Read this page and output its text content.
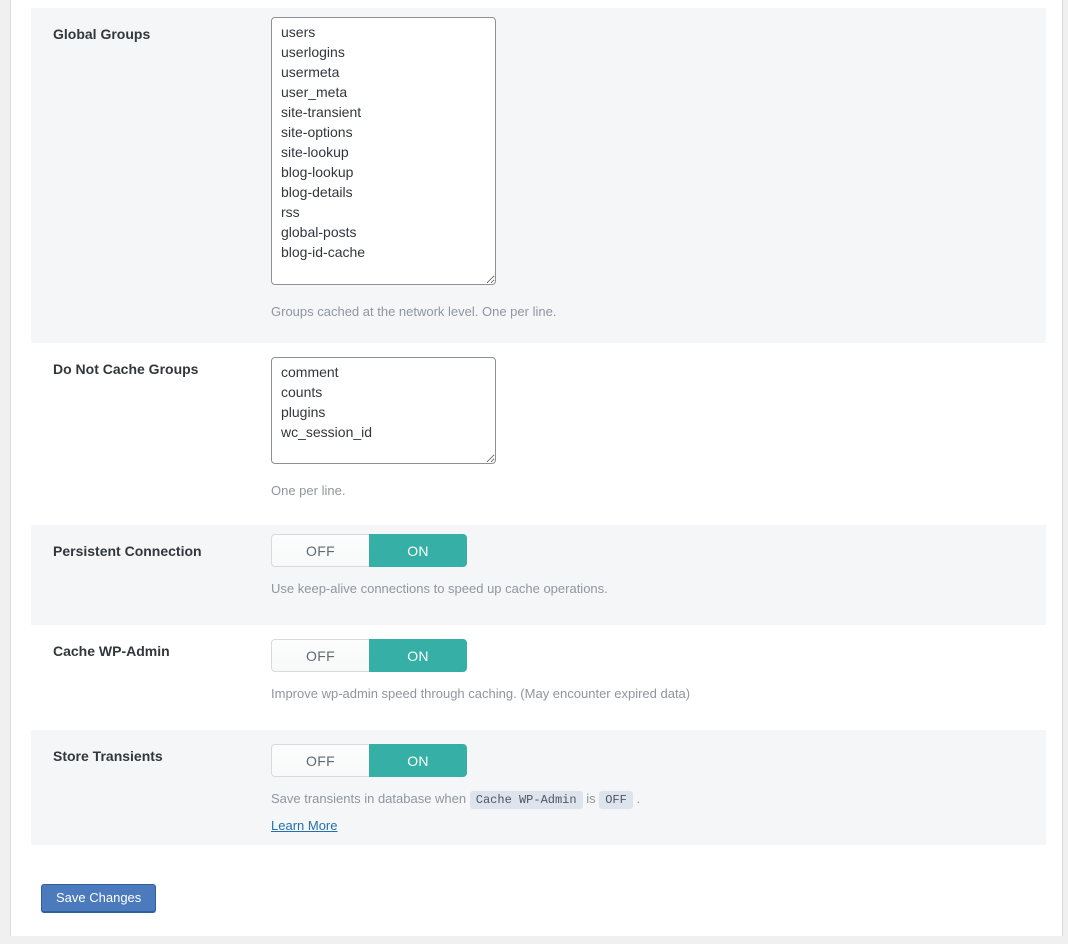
Global Groups
users userlogins usermeta user_meta site-transient site-options site-lookup blog-lookup blog-details rss global-posts blog-id-cache

Groups cached at the network level. One per line.

Do Not Cache Groups
comment counts plugins wc_session_id

One per line.

Persistent Connection	OFF	ON

Use keep-alive connections to speed up cache operations.

Cache WP-Admin	OFF	ON

Improve wp-admin speed through caching. (May encounter expired data)

Store Transients	OFF	ON

Save transients in database when Cache WP-Admin is OFF .

Learn More

Save Changes
